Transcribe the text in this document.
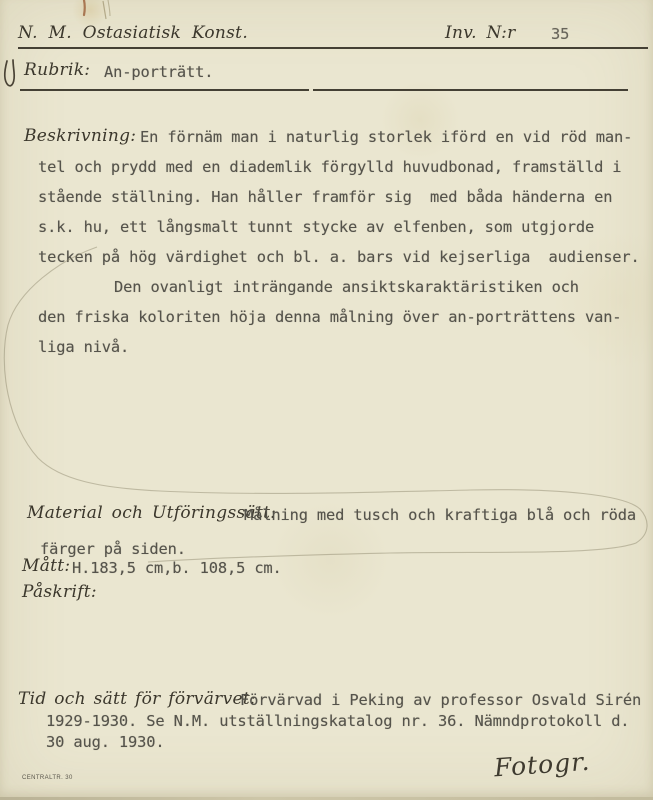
N. M. Ostasiatisk Konst.	Inv. N:r 35
Rubrik: An-porträtt.
Beskrivning: En förnäm man i naturlig storlek iförd en vid röd man-
tel och prydd med en diademlik förgylld huvudbonad, framställd i
stående ställning. Han håller framför sig  med båda händerna en
s.k. hu, ett långsmalt tunnt stycke av elfenben, som utgjorde
tecken på hög värdighet och bl. a. bars vid kejserliga  audienser.
Den ovanligt inträngande ansiktskaraktäristiken och
den friska koloriten höja denna målning över an-porträttens van-
liga nivå.
Material och Utföringssätt:
Målning med tusch och kraftiga blå och röda
färger på siden.
Mått: H.183,5 cm,b. 108,5 cm.
Påskrift:
Tid och sätt för förvärvet:
Förvärvad i Peking av professor Osvald Sirén
1929-1930. Se N.M. utställningskatalog nr. 36. Nämndprotokoll d.
30 aug. 1930.
CENTRALTR. 30	Fotogr.
